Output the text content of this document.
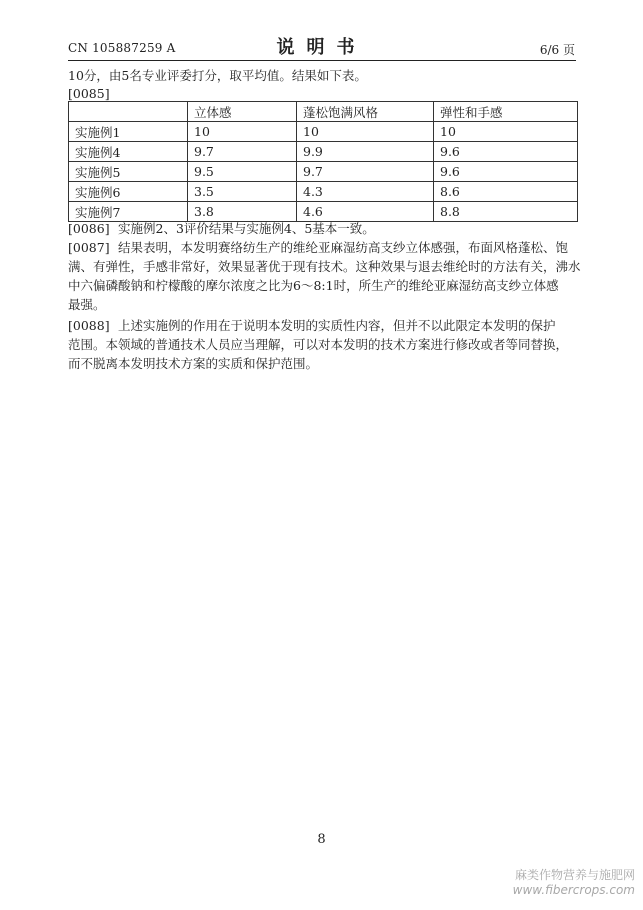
CN 105887259 A	说明书	6/6 页
10分，由5名专业评委打分，取平均值。结果如下表。
[0085]
	立体感	蓬松饱满风格	弹性和手感
实施例1	10	10	10
实施例4	9.7	9.9	9.6
实施例5	9.5	9.7	9.6
实施例6	3.5	4.3	8.6
实施例7	3.8	4.6	8.8
[0086] 实施例2、3评价结果与实施例4、5基本一致。
[0087] 结果表明，本发明赛络纺生产的维纶亚麻湿纺高支纱立体感强，布面风格蓬松、饱
满、有弹性，手感非常好，效果显著优于现有技术。这种效果与退去维纶时的方法有关，沸水
中六偏磷酸钠和柠檬酸的摩尔浓度之比为6～8:1时，所生产的维纶亚麻湿纺高支纱立体感
最强。
[0088] 上述实施例的作用在于说明本发明的实质性内容，但并不以此限定本发明的保护
范围。本领域的普通技术人员应当理解，可以对本发明的技术方案进行修改或者等同替换，
而不脱离本发明技术方案的实质和保护范围。
8
麻类作物营养与施肥网
www.fibercrops.com
